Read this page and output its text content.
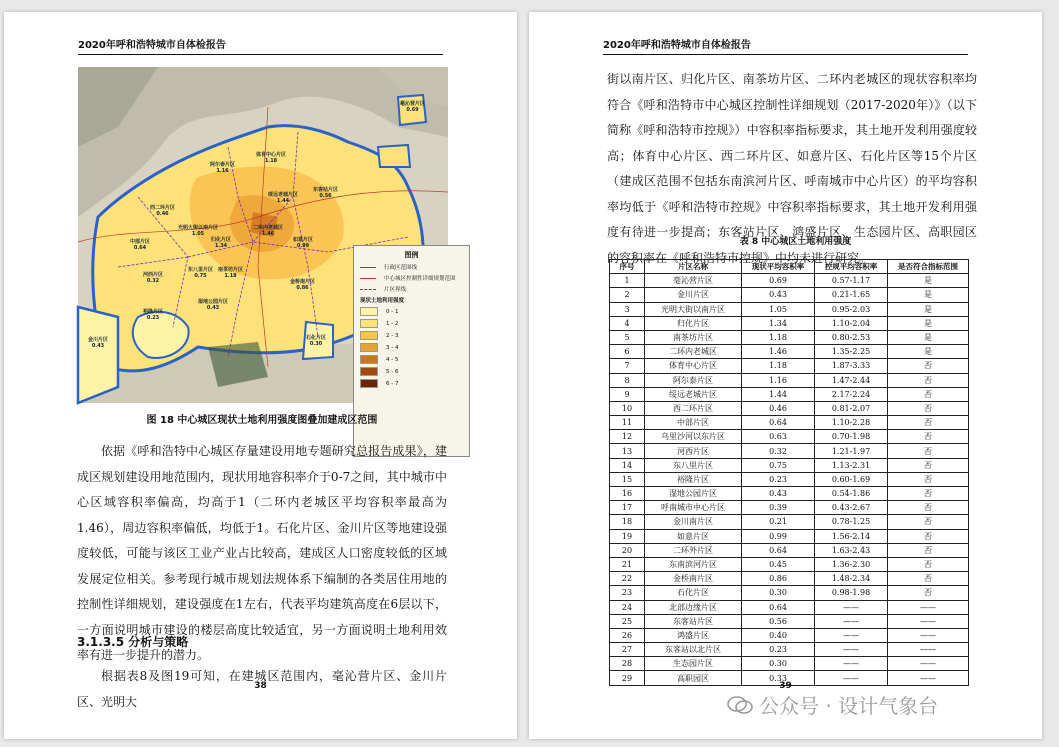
2020年呼和浩特城市自体检报告
体育中心片区
1.18
阿尔泰片区
1.16
绥远老城片区
1.44
二环内老城区
1.46
西二环片区
0.46
光明大街以南片区
1.05
中部片区
0.64
河西片区
0.32
东八里片区
0.75
归化片区
1.34
南茶坊片区
1.18
裕隆片区
0.23
湿地公园片区
0.43
金桥南片区
0.86
毫沁营片区
0.69
金川片区
0.43
石化片区
0.30
如意片区
0.99
东客站片区
0.56
图例
行政区范围线
中心城区控制性详细规划范围
片区界线
现状土地利用强度
0 - 1
1 - 2
2 - 3
3 - 4
4 - 5
5 - 6
6 - 7
图 18 中心城区现状土地利用强度图叠加建成区范围
依据《呼和浩特中心城区存量建设用地专题研究总报告成果》，建成区规划建设用地范围内，现状用地容积率介于0-7之间，其中城市中心区域容积率偏高，均高于1（二环内老城区平均容积率最高为1.46），周边容积率偏低，均低于1。石化片区、金川片区等地建设强度较低，可能与该区工业产业占比较高，建成区人口密度较低的区域发展定位相关。参考现行城市规划法规体系下编制的各类居住用地的控制性详细规划，建设强度在1左右，代表平均建筑高度在6层以下，一方面说明城市建设的楼层高度比较适宜，另一方面说明土地利用效率有进一步提升的潜力。
3.1.3.5 分析与策略
根据表8及图19可知，在建城区范围内，毫沁营片区、金川片区、光明大
38
2020年呼和浩特城市自体检报告
街以南片区、归化片区、南茶坊片区、二环内老城区的现状容积率均符合《呼和浩特市中心城区控制性详细规划（2017-2020年）》（以下简称《呼和浩特市控规》）中容积率指标要求，其土地开发利用强度较高；体育中心片区、西二环片区、如意片区、石化片区等15个片区（建成区范围不包括东南滨河片区、呼南城市中心片区）的平均容积率均低于《呼和浩特市控规》中容积率指标要求，其土地开发利用强度有待进一步提高；东客站片区、鸿盛片区、生态园片区、高职园区的容积率在《呼和浩特市控规》中均未进行研究。
表 8 中心城区土地利用强度
序号	片区名称	现状平均容积率	控规平均容积率	是否符合指标范围
1	毫沁营片区	0.69	0.57-1.17	是
2	金川片区	0.43	0.21-1.65	是
3	光明大街以南片区	1.05	0.95-2.03	是
4	归化片区	1.34	1.10-2.04	是
5	南茶坊片区	1.18	0.80-2.53	是
6	二环内老城区	1.46	1.35-2.25	是
7	体育中心片区	1.18	1.87-3.33	否
8	阿尔泰片区	1.16	1.47-2.44	否
9	绥远老城片区	1.44	2.17-2.24	否
10	西二环片区	0.46	0.81-2.07	否
11	中部片区	0.64	1.10-2.28	否
12	乌里沙河以东片区	0.63	0.70-1.98	否
13	河西片区	0.32	1.21-1.97	否
14	东八里片区	0.75	1.13-2.31	否
15	裕隆片区	0.23	0.60-1.69	否
16	湿地公园片区	0.43	0.54-1.86	否
17	呼南城市中心片区	0.39	0.43-2.67	否
18	金川南片区	0.21	0.78-1.25	否
19	如意片区	0.99	1.56-2.14	否
20	二环外片区	0.64	1.63-2.43	否
21	东南滨河片区	0.45	1.36-2.30	否
22	金桥南片区	0.86	1.48-2.34	否
23	石化片区	0.30	0.98-1.98	否
24	北部边缘片区	0.64	——	——
25	东客站片区	0.56	——	——
26	鸿盛片区	0.40	——	——
27	东客站以北片区	0.23	——	——
28	生态园片区	0.30	——	——
29	高职园区	0.33	——	——
39
公众号 · 设计气象台
